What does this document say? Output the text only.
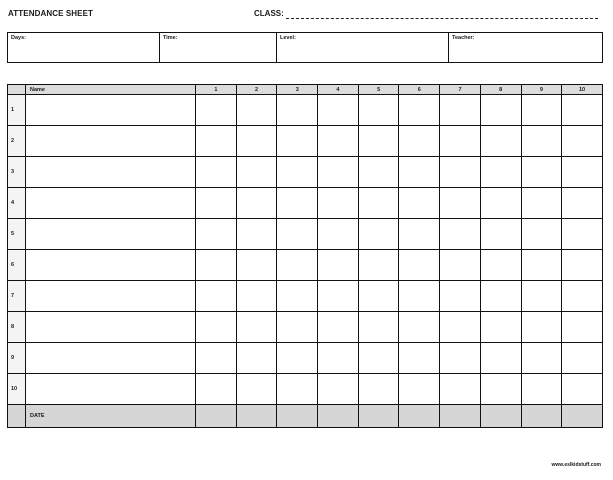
ATTENDANCE SHEET	CLASS:
Days:	Time:	Level:	Teacher:
	Name	1	2	3	4	5	6	7	8	9	10
1											
2											
3											
4											
5											
6											
7											
8											
9											
10											
	DATE										
www.eslkidstuff.com
